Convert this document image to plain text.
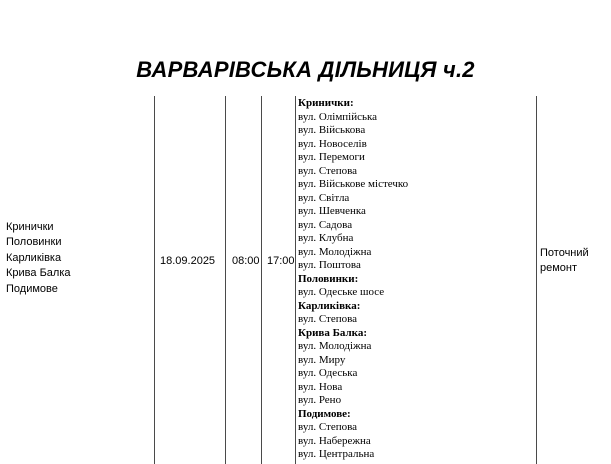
ВАРВАРІВСЬКА ДІЛЬНИЦЯ ч.2
Кринички
Половинки
Карликівка
Крива Балка
Подимове
18.09.2025 08:00 17:00
Кринички:
вул. Олімпійська
вул. Військова
вул. Новоселів
вул. Перемоги
вул. Степова
вул. Військове містечко
вул. Світла
вул. Шевченка
вул. Садова
вул. Клубна
вул. Молодіжна
вул. Поштова
Половинки:
вул. Одеське шосе
Карликівка:
вул. Степова
Крива Балка:
вул. Молодіжна
вул. Миру
вул. Одеська
вул. Нова
вул. Рено
Подимове:
вул. Степова
вул. Набережна
вул. Центральна
Поточний
ремонт
